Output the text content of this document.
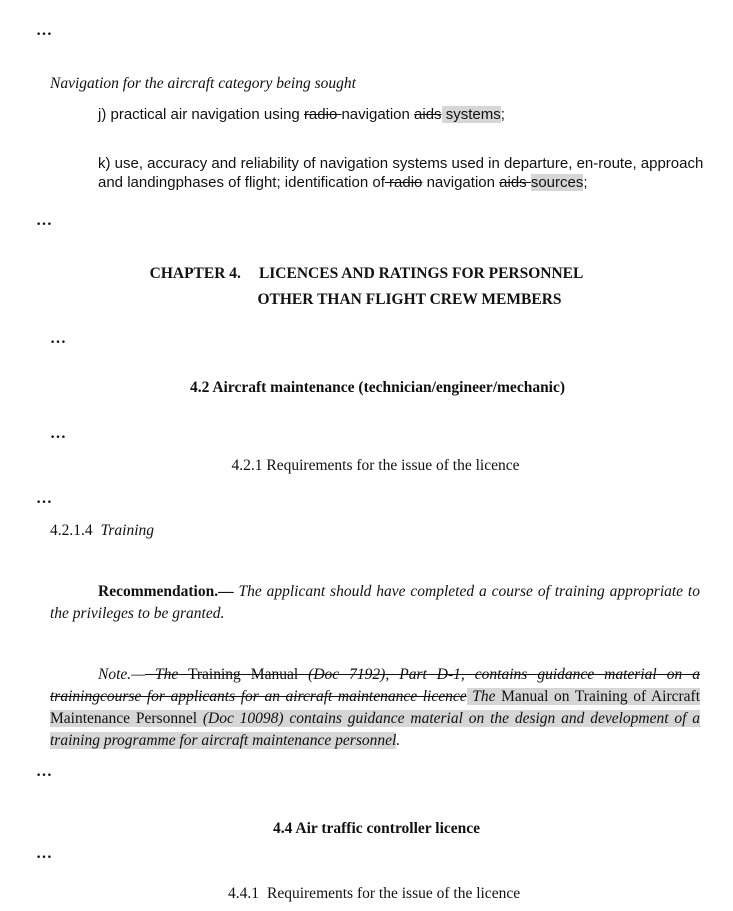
…
Navigation for the aircraft category being sought
j) practical air navigation using radio navigation aids systems;
k) use, accuracy and reliability of navigation systems used in departure, en-route, approach
and landingphases of flight; identification of radio navigation aids sources;
…
CHAPTER 4. LICENCES AND RATINGS FOR PERSONNEL
OTHER THAN FLIGHT CREW MEMBERS
…
4.2 Aircraft maintenance (technician/engineer/mechanic)
…
4.2.1 Requirements for the issue of the licence
…
4.2.1.4 Training
Recommendation.— The applicant should have completed a course of training appropriate to the privileges to be granted.
Note.— The Training Manual (Doc 7192), Part D-1, contains guidance material on a trainingcourse for applicants for an aircraft maintenance licence The Manual on Training of Aircraft Maintenance Personnel (Doc 10098) contains guidance material on the design and development of a training programme for aircraft maintenance personnel.
…
4.4 Air traffic controller licence
…
4.4.1 Requirements for the issue of the licence
